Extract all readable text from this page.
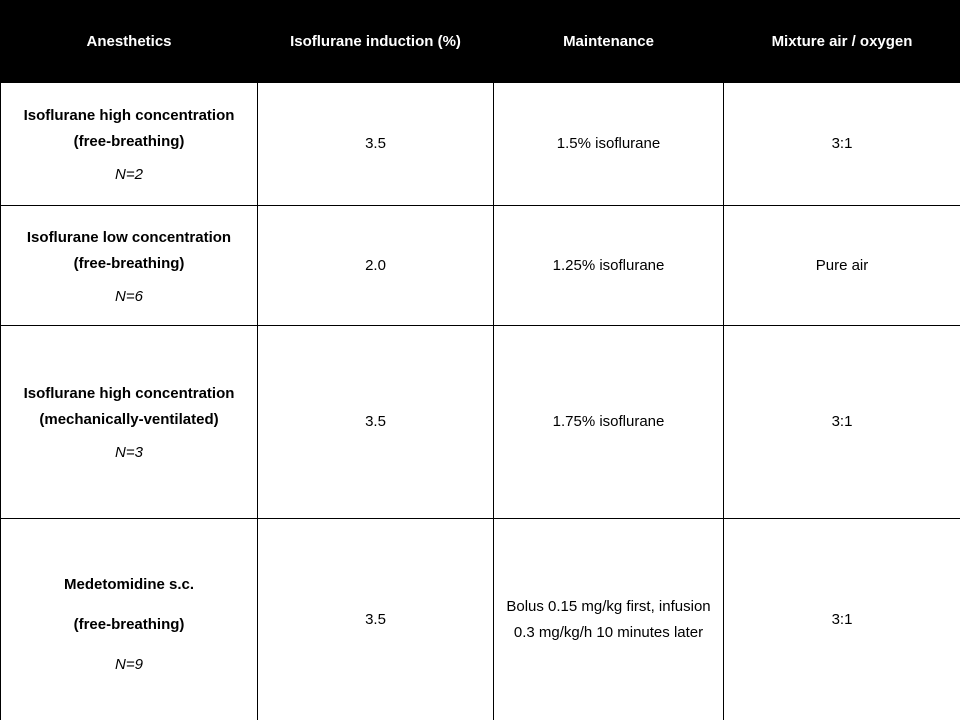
Anesthetics	Isoflurane induction (%)	Maintenance	Mixture air / oxygen

Isoflurane high concentration
(free-breathing)
N=2	3.5	1.5% isoflurane	3:1

Isoflurane low concentration
(free-breathing)
N=6	2.0	1.25% isoflurane	Pure air

Isoflurane high concentration
(mechanically-ventilated)
N=3	3.5	1.75% isoflurane	3:1

Medetomidine s.c.
(free-breathing)
N=9	3.5	Bolus 0.15 mg/kg first, infusion 0.3 mg/kg/h 10 minutes later	3:1
